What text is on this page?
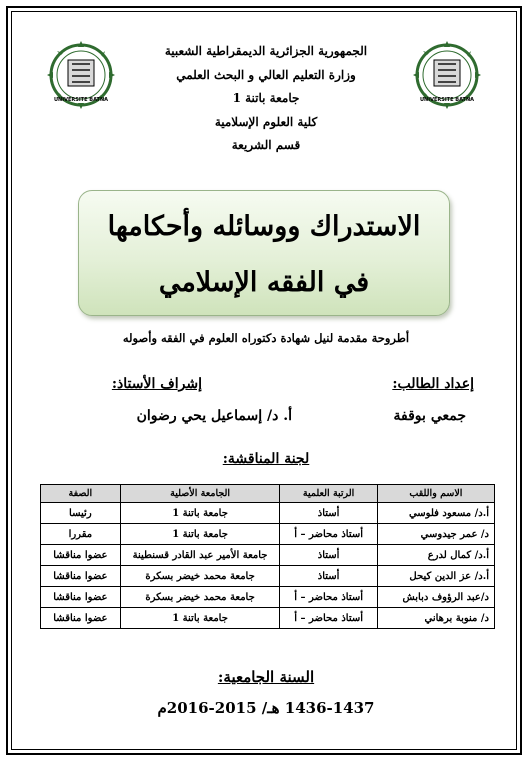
UNIVERSITE BATNA	UNIVERSITE BATNA
الجمهورية الجزائرية الديمقراطية الشعبية
وزارة التعليم العالي و البحث العلمي
جامعة باتنة 1
كلية العلوم الإسلامية
قسم الشريعة
الاستدراك ووسائله وأحكامها
في الفقه الإسلامي
أطروحة مقدمة لنيل شهادة دكتوراه العلوم في الفقه وأصوله
إعداد الطالب:
إشراف الأستاذ:
جمعي بوقفة
أ. د/ إسماعيل يحي رضوان
لجنة المناقشة:
الاسم واللقب	الرتبة العلمية	الجامعة الأصلية	الصفة
أ.د/ مسعود فلوسي	أستاذ	جامعة باتنة 1	رئيسا
د/ عمر جيدوسي	أستاذ محاضر – أ	جامعة باتنة 1	مقررا
أ.د/ كمال لدرع	أستاذ	جامعة الأمير عبد القادر قسنطينة	عضوا مناقشا
أ.د/ عز الدين كيحل	أستاذ	جامعة محمد خيضر بسكرة	عضوا مناقشا
د/عبد الرؤوف دبابش	أستاذ محاضر – أ	جامعة محمد خيضر بسكرة	عضوا مناقشا
د/ منوبة برهاني	أستاذ محاضر – أ	جامعة باتنة 1	عضوا مناقشا
السنة الجامعية:
1436-1437 هـ/ 2015-2016م
